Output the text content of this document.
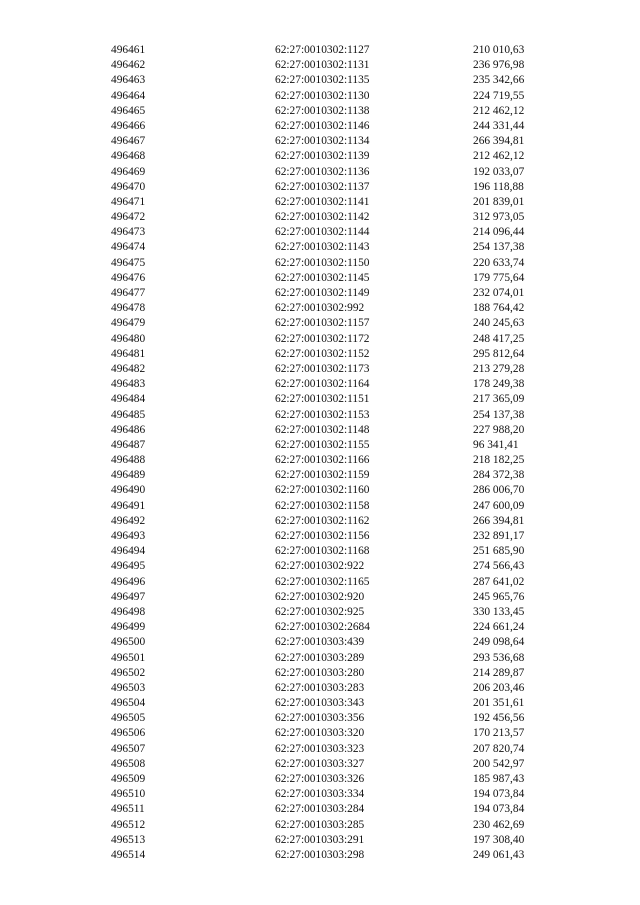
496461	62:27:0010302:1127	210 010,63
496462	62:27:0010302:1131	236 976,98
496463	62:27:0010302:1135	235 342,66
496464	62:27:0010302:1130	224 719,55
496465	62:27:0010302:1138	212 462,12
496466	62:27:0010302:1146	244 331,44
496467	62:27:0010302:1134	266 394,81
496468	62:27:0010302:1139	212 462,12
496469	62:27:0010302:1136	192 033,07
496470	62:27:0010302:1137	196 118,88
496471	62:27:0010302:1141	201 839,01
496472	62:27:0010302:1142	312 973,05
496473	62:27:0010302:1144	214 096,44
496474	62:27:0010302:1143	254 137,38
496475	62:27:0010302:1150	220 633,74
496476	62:27:0010302:1145	179 775,64
496477	62:27:0010302:1149	232 074,01
496478	62:27:0010302:992	188 764,42
496479	62:27:0010302:1157	240 245,63
496480	62:27:0010302:1172	248 417,25
496481	62:27:0010302:1152	295 812,64
496482	62:27:0010302:1173	213 279,28
496483	62:27:0010302:1164	178 249,38
496484	62:27:0010302:1151	217 365,09
496485	62:27:0010302:1153	254 137,38
496486	62:27:0010302:1148	227 988,20
496487	62:27:0010302:1155	96 341,41
496488	62:27:0010302:1166	218 182,25
496489	62:27:0010302:1159	284 372,38
496490	62:27:0010302:1160	286 006,70
496491	62:27:0010302:1158	247 600,09
496492	62:27:0010302:1162	266 394,81
496493	62:27:0010302:1156	232 891,17
496494	62:27:0010302:1168	251 685,90
496495	62:27:0010302:922	274 566,43
496496	62:27:0010302:1165	287 641,02
496497	62:27:0010302:920	245 965,76
496498	62:27:0010302:925	330 133,45
496499	62:27:0010302:2684	224 661,24
496500	62:27:0010303:439	249 098,64
496501	62:27:0010303:289	293 536,68
496502	62:27:0010303:280	214 289,87
496503	62:27:0010303:283	206 203,46
496504	62:27:0010303:343	201 351,61
496505	62:27:0010303:356	192 456,56
496506	62:27:0010303:320	170 213,57
496507	62:27:0010303:323	207 820,74
496508	62:27:0010303:327	200 542,97
496509	62:27:0010303:326	185 987,43
496510	62:27:0010303:334	194 073,84
496511	62:27:0010303:284	194 073,84
496512	62:27:0010303:285	230 462,69
496513	62:27:0010303:291	197 308,40
496514	62:27:0010303:298	249 061,43
